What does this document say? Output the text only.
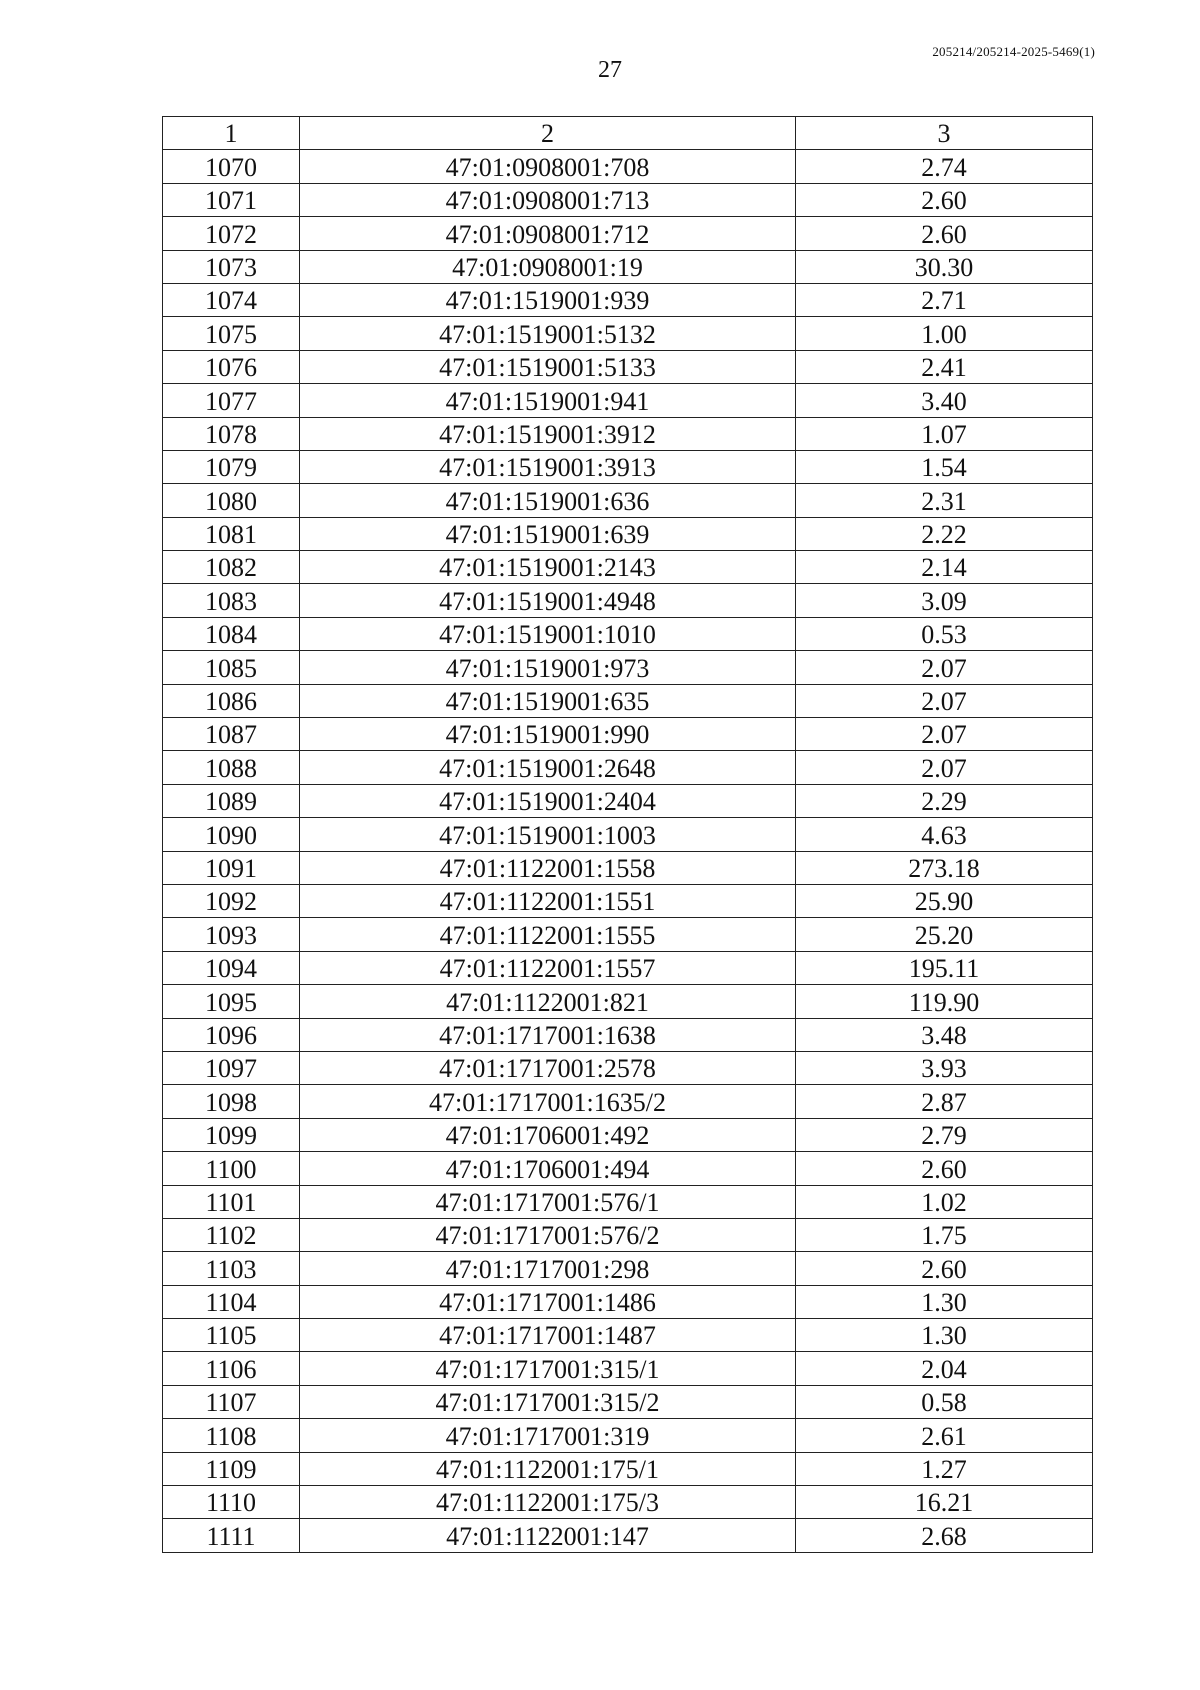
27
205214/205214-2025-5469(1)
1	2	3
1070	47:01:0908001:708	2.74
1071	47:01:0908001:713	2.60
1072	47:01:0908001:712	2.60
1073	47:01:0908001:19	30.30
1074	47:01:1519001:939	2.71
1075	47:01:1519001:5132	1.00
1076	47:01:1519001:5133	2.41
1077	47:01:1519001:941	3.40
1078	47:01:1519001:3912	1.07
1079	47:01:1519001:3913	1.54
1080	47:01:1519001:636	2.31
1081	47:01:1519001:639	2.22
1082	47:01:1519001:2143	2.14
1083	47:01:1519001:4948	3.09
1084	47:01:1519001:1010	0.53
1085	47:01:1519001:973	2.07
1086	47:01:1519001:635	2.07
1087	47:01:1519001:990	2.07
1088	47:01:1519001:2648	2.07
1089	47:01:1519001:2404	2.29
1090	47:01:1519001:1003	4.63
1091	47:01:1122001:1558	273.18
1092	47:01:1122001:1551	25.90
1093	47:01:1122001:1555	25.20
1094	47:01:1122001:1557	195.11
1095	47:01:1122001:821	119.90
1096	47:01:1717001:1638	3.48
1097	47:01:1717001:2578	3.93
1098	47:01:1717001:1635/2	2.87
1099	47:01:1706001:492	2.79
1100	47:01:1706001:494	2.60
1101	47:01:1717001:576/1	1.02
1102	47:01:1717001:576/2	1.75
1103	47:01:1717001:298	2.60
1104	47:01:1717001:1486	1.30
1105	47:01:1717001:1487	1.30
1106	47:01:1717001:315/1	2.04
1107	47:01:1717001:315/2	0.58
1108	47:01:1717001:319	2.61
1109	47:01:1122001:175/1	1.27
1110	47:01:1122001:175/3	16.21
1111	47:01:1122001:147	2.68
